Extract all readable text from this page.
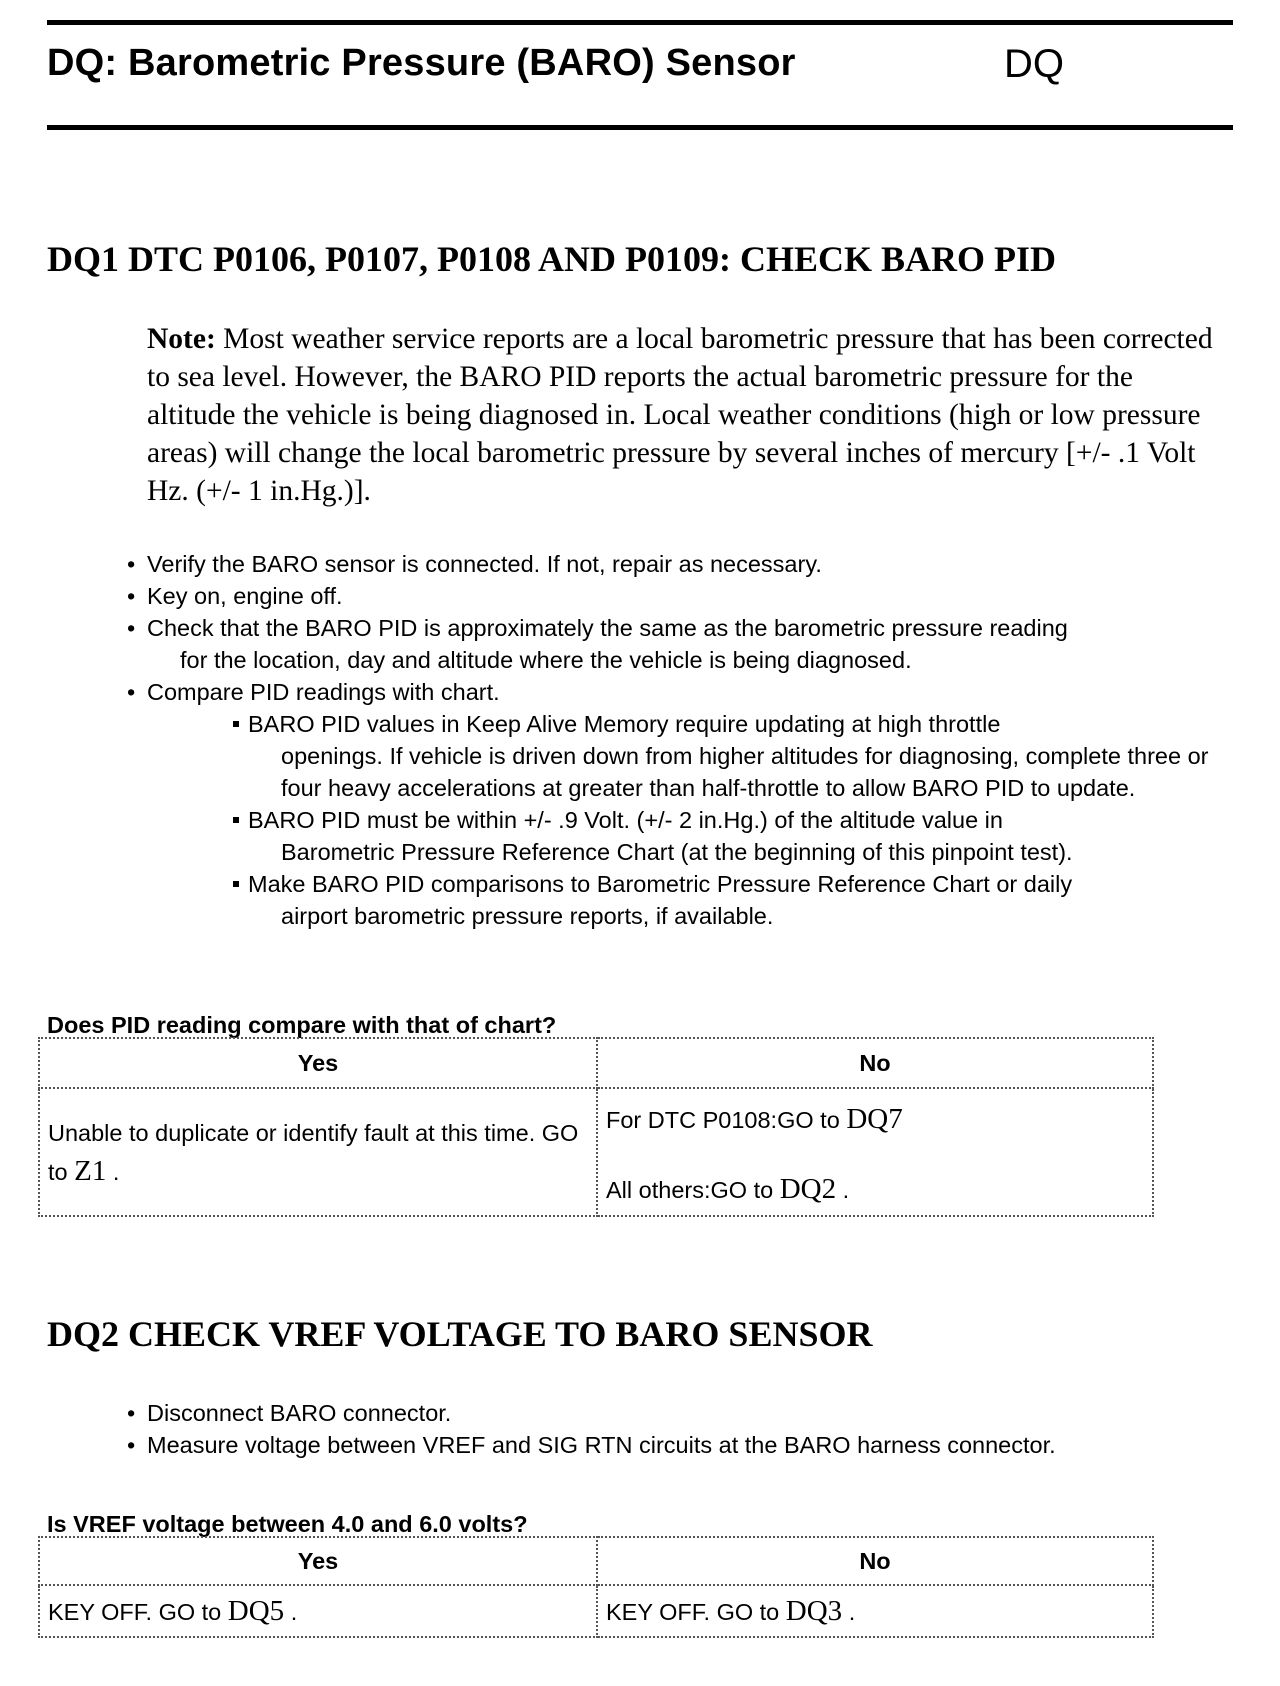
DQ: Barometric Pressure (BARO) Sensor	DQ
DQ1 DTC P0106, P0107, P0108 AND P0109: CHECK BARO PID
Note: Most weather service reports are a local barometric pressure that has been corrected to sea level. However, the BARO PID reports the actual barometric pressure for the altitude the vehicle is being diagnosed in. Local weather conditions (high or low pressure areas) will change the local barometric pressure by several inches of mercury [+/- .1 Volt Hz. (+/- 1 in.Hg.)].
• Verify the BARO sensor is connected. If not, repair as necessary.
• Key on, engine off.
• Check that the BARO PID is approximately the same as the barometric pressure reading
for the location, day and altitude where the vehicle is being diagnosed.
• Compare PID readings with chart.
BARO PID values in Keep Alive Memory require updating at high throttle
openings. If vehicle is driven down from higher altitudes for diagnosing, complete three or four heavy accelerations at greater than half-throttle to allow BARO PID to update.
BARO PID must be within +/- .9 Volt. (+/- 2 in.Hg.) of the altitude value in
Barometric Pressure Reference Chart (at the beginning of this pinpoint test).
Make BARO PID comparisons to Barometric Pressure Reference Chart or daily
airport barometric pressure reports, if available.
Does PID reading compare with that of chart?
Yes	No
Unable to duplicate or identify fault at this time. GO to Z1 .	For DTC P0108:GO to DQ7
All others:GO to DQ2 .
DQ2 CHECK VREF VOLTAGE TO BARO SENSOR
• Disconnect BARO connector.
• Measure voltage between VREF and SIG RTN circuits at the BARO harness connector.
Is VREF voltage between 4.0 and 6.0 volts?
Yes	No
KEY OFF. GO to DQ5 .	KEY OFF. GO to DQ3 .
